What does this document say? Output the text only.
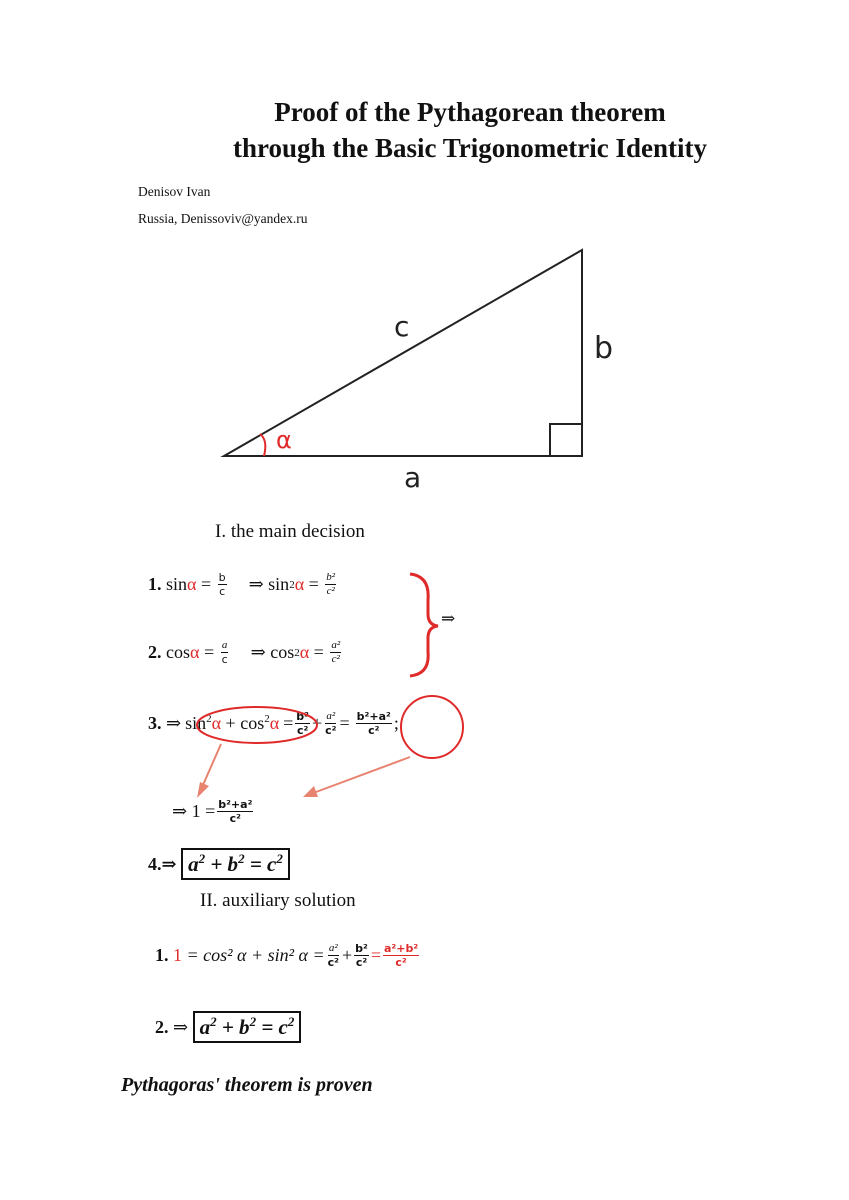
Proof of the Pythagorean theorem
through the Basic Trigonometric Identity
Denisov Ivan
Russia, Denissoviv@yandex.ru
α
c
b
a
I. the main decision
1.
$\sin \alpha = \frac{b}{c}$ ⇒ sin 2 $\alpha = \frac{\text{b²}}{\text{c²}}$
2.
$\cos \alpha = \frac{a}{c}$ ⇒ cos 2 $\alpha = \frac{\text{a²}}{\text{c²}}$
⇒
3.
⇒ $\sin^2\alpha + \cos^2\alpha = \frac{\text{b²}}{\text{c²}} + \frac{\text{a²}}{\text{c²}} = \frac{\text{b²+a²}}{\text{c²}}$ ;
⇒ $1 = \frac{\text{b²+a²}}{\text{c²}}$
4. ⇒
$a^2 + b^2 = c^2$
II. auxiliary solution
1.
1
= cos² α + sin² $\alpha = \frac{\text{a²}}{\text{c²}} + \frac{\text{b²}}{\text{c²}} = \frac{\text{a²+b²}}{\text{c²}}$
2.
⇒
$a^2 + b^2 = c^2$
Pythagoras' theorem is proven
